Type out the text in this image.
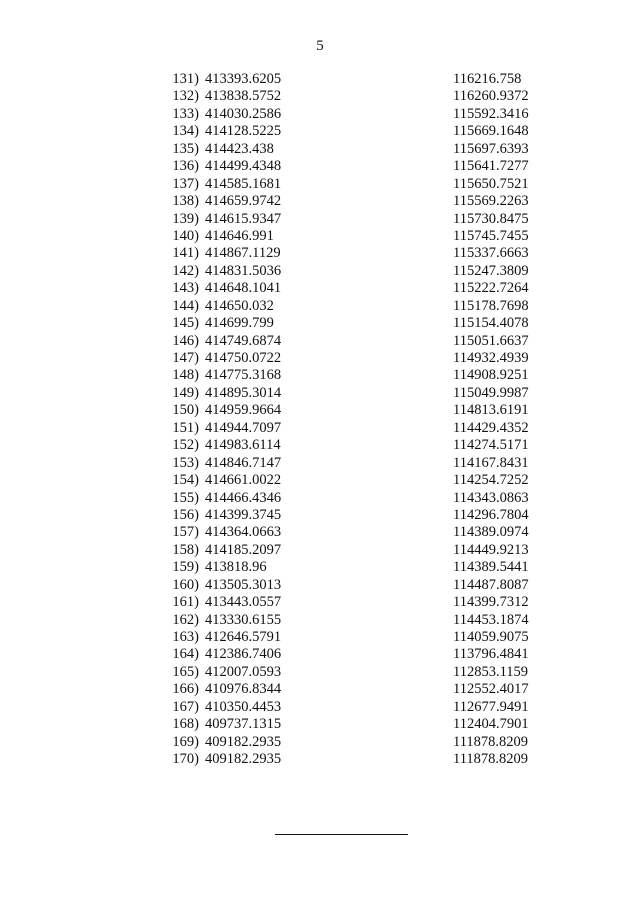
5
131) 413393.6205	116216.758
132) 413838.5752	116260.9372
133) 414030.2586	115592.3416
134) 414128.5225	115669.1648
135) 414423.438	115697.6393
136) 414499.4348	115641.7277
137) 414585.1681	115650.7521
138) 414659.9742	115569.2263
139) 414615.9347	115730.8475
140) 414646.991	115745.7455
141) 414867.1129	115337.6663
142) 414831.5036	115247.3809
143) 414648.1041	115222.7264
144) 414650.032	115178.7698
145) 414699.799	115154.4078
146) 414749.6874	115051.6637
147) 414750.0722	114932.4939
148) 414775.3168	114908.9251
149) 414895.3014	115049.9987
150) 414959.9664	114813.6191
151) 414944.7097	114429.4352
152) 414983.6114	114274.5171
153) 414846.7147	114167.8431
154) 414661.0022	114254.7252
155) 414466.4346	114343.0863
156) 414399.3745	114296.7804
157) 414364.0663	114389.0974
158) 414185.2097	114449.9213
159) 413818.96	114389.5441
160) 413505.3013	114487.8087
161) 413443.0557	114399.7312
162) 413330.6155	114453.1874
163) 412646.5791	114059.9075
164) 412386.7406	113796.4841
165) 412007.0593	112853.1159
166) 410976.8344	112552.4017
167) 410350.4453	112677.9491
168) 409737.1315	112404.7901
169) 409182.2935	111878.8209
170) 409182.2935	111878.8209
